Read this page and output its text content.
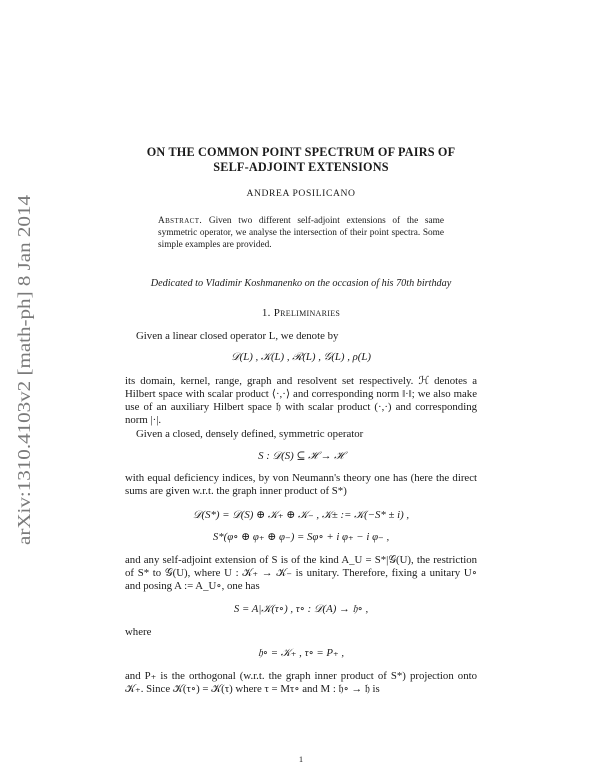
arXiv:1310.4103v2 [math-ph] 8 Jan 2014
ON THE COMMON POINT SPECTRUM OF PAIRS OF
SELF-ADJOINT EXTENSIONS
ANDREA POSILICANO
Abstract. Given two different self-adjoint extensions of the same symmetric operator, we analyse the intersection of their point spectra. Some simple examples are provided.
Dedicated to Vladimir Koshmanenko on the occasion of his 70th birthday
1. Preliminaries
Given a linear closed operator L, we denote by
𝒟(L) , 𝒦(L) , ℛ(L) , 𝒢(L) , ρ(L)
its domain, kernel, range, graph and resolvent set respectively. ℋ denotes a Hilbert space with scalar product ⟨·,·⟩ and corresponding norm ‖·‖; we also make use of an auxiliary Hilbert space 𝔥 with scalar product (·,·) and corresponding norm |·|.
Given a closed, densely defined, symmetric operator
S : 𝒟(S) ⊆ ℋ → ℋ
with equal deficiency indices, by von Neumann's theory one has (here the direct sums are given w.r.t. the graph inner product of S*)
𝒟(S*) = 𝒟(S) ⊕ 𝒦₊ ⊕ 𝒦₋ , 𝒦± := 𝒦(−S* ± i) ,
S*(φ∘ ⊕ φ₊ ⊕ φ₋) = Sφ∘ + i φ₊ − i φ₋ ,
and any self-adjoint extension of S is of the kind A_U = S*|𝒢(U), the restriction of S* to 𝒢(U), where U : 𝒦₊ → 𝒦₋ is unitary. Therefore, fixing a unitary U∘ and posing A := A_U∘, one has
S = A|𝒦(τ∘) , τ∘ : 𝒟(A) → 𝔥∘ ,
where
𝔥∘ = 𝒦₊ , τ∘ = P₊ ,
and P₊ is the orthogonal (w.r.t. the graph inner product of S*) projection onto 𝒦₊. Since 𝒦(τ∘) = 𝒦(τ) where τ = Mτ∘ and M : 𝔥∘ → 𝔥 is
1
